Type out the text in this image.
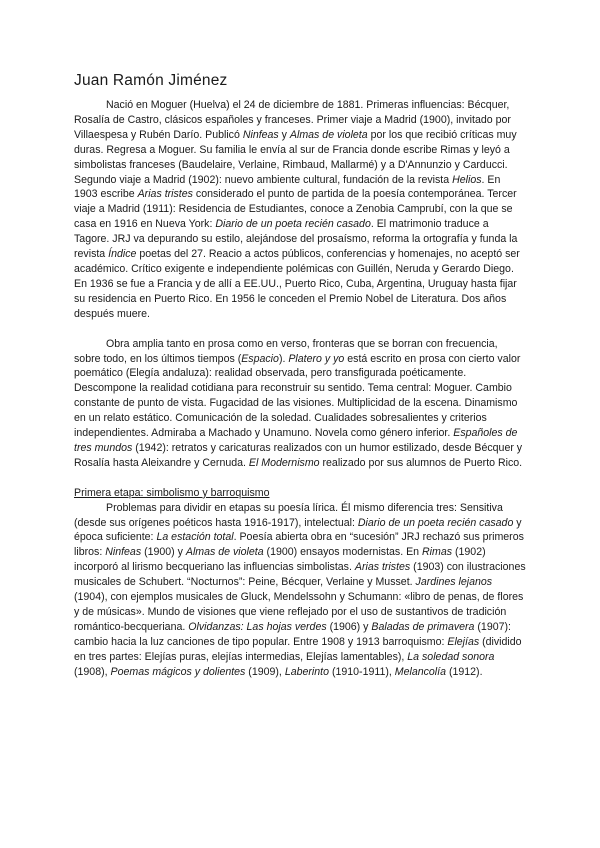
Juan Ramón Jiménez

Nació en Moguer (Huelva) el 24 de diciembre de 1881. Primeras influencias: Bécquer, Rosalía de Castro, clásicos españoles y franceses. Primer viaje a Madrid (1900), invitado por Villaespesa y Rubén Darío. Publicó Ninfeas y Almas de violeta por los que recibió críticas muy duras. Regresa a Moguer. Su familia le envía al sur de Francia donde escribe Rimas y leyó a simbolistas franceses (Baudelaire, Verlaine, Rimbaud, Mallarmé) y a D'Annunzio y Carducci. Segundo viaje a Madrid (1902): nuevo ambiente cultural, fundación de la revista Helios. En 1903 escribe Arias tristes considerado el punto de partida de la poesía contemporánea. Tercer viaje a Madrid (1911): Residencia de Estudiantes, conoce a Zenobia Camprubí, con la que se casa en 1916 en Nueva York: Diario de un poeta recién casado. El matrimonio traduce a Tagore. JRJ va depurando su estilo, alejándose del prosaísmo, reforma la ortografía y funda la revista Índice poetas del 27. Reacio a actos públicos, conferencias y homenajes, no aceptó ser académico. Crítico exigente e independiente polémicas con Guillén, Neruda y Gerardo Diego. En 1936 se fue a Francia y de allí a EE.UU., Puerto Rico, Cuba, Argentina, Uruguay hasta fijar su residencia en Puerto Rico. En 1956 le conceden el Premio Nobel de Literatura. Dos años después muere.

Obra amplia tanto en prosa como en verso, fronteras que se borran con frecuencia, sobre todo, en los últimos tiempos (Espacio). Platero y yo está escrito en prosa con cierto valor poemático (Elegía andaluza): realidad observada, pero transfigurada poéticamente. Descompone la realidad cotidiana para reconstruir su sentido. Tema central: Moguer. Cambio constante de punto de vista. Fugacidad de las visiones. Multiplicidad de la escena. Dinamismo en un relato estático. Comunicación de la soledad. Cualidades sobresalientes y criterios independientes. Admiraba a Machado y Unamuno. Novela como género inferior. Españoles de tres mundos (1942): retratos y caricaturas realizados con un humor estilizado, desde Bécquer y Rosalía hasta Aleixandre y Cernuda. El Modernismo realizado por sus alumnos de Puerto Rico.

Primera etapa: simbolismo y barroquismo

Problemas para dividir en etapas su poesía lírica. Él mismo diferencia tres: Sensitiva (desde sus orígenes poéticos hasta 1916-1917), intelectual: Diario de un poeta recién casado y época suficiente: La estación total. Poesía abierta obra en “sucesión” JRJ rechazó sus primeros libros: Ninfeas (1900) y Almas de violeta (1900) ensayos modernistas. En Rimas (1902) incorporó al lirismo becqueriano las influencias simbolistas. Arias tristes (1903) con ilustraciones musicales de Schubert. “Nocturnos”: Peine, Bécquer, Verlaine y Musset. Jardines lejanos (1904), con ejemplos musicales de Gluck, Mendelssohn y Schumann: «libro de penas, de flores y de músicas». Mundo de visiones que viene reflejado por el uso de sustantivos de tradición romántico-becqueriana. Olvidanzas: Las hojas verdes (1906) y Baladas de primavera (1907): cambio hacia la luz canciones de tipo popular. Entre 1908 y 1913 barroquismo: Elejías (dividido en tres partes: Elejías puras, elejías intermedias, Elejías lamentables), La soledad sonora (1908), Poemas mágicos y dolientes (1909), Laberinto (1910-1911), Melancolía (1912).
